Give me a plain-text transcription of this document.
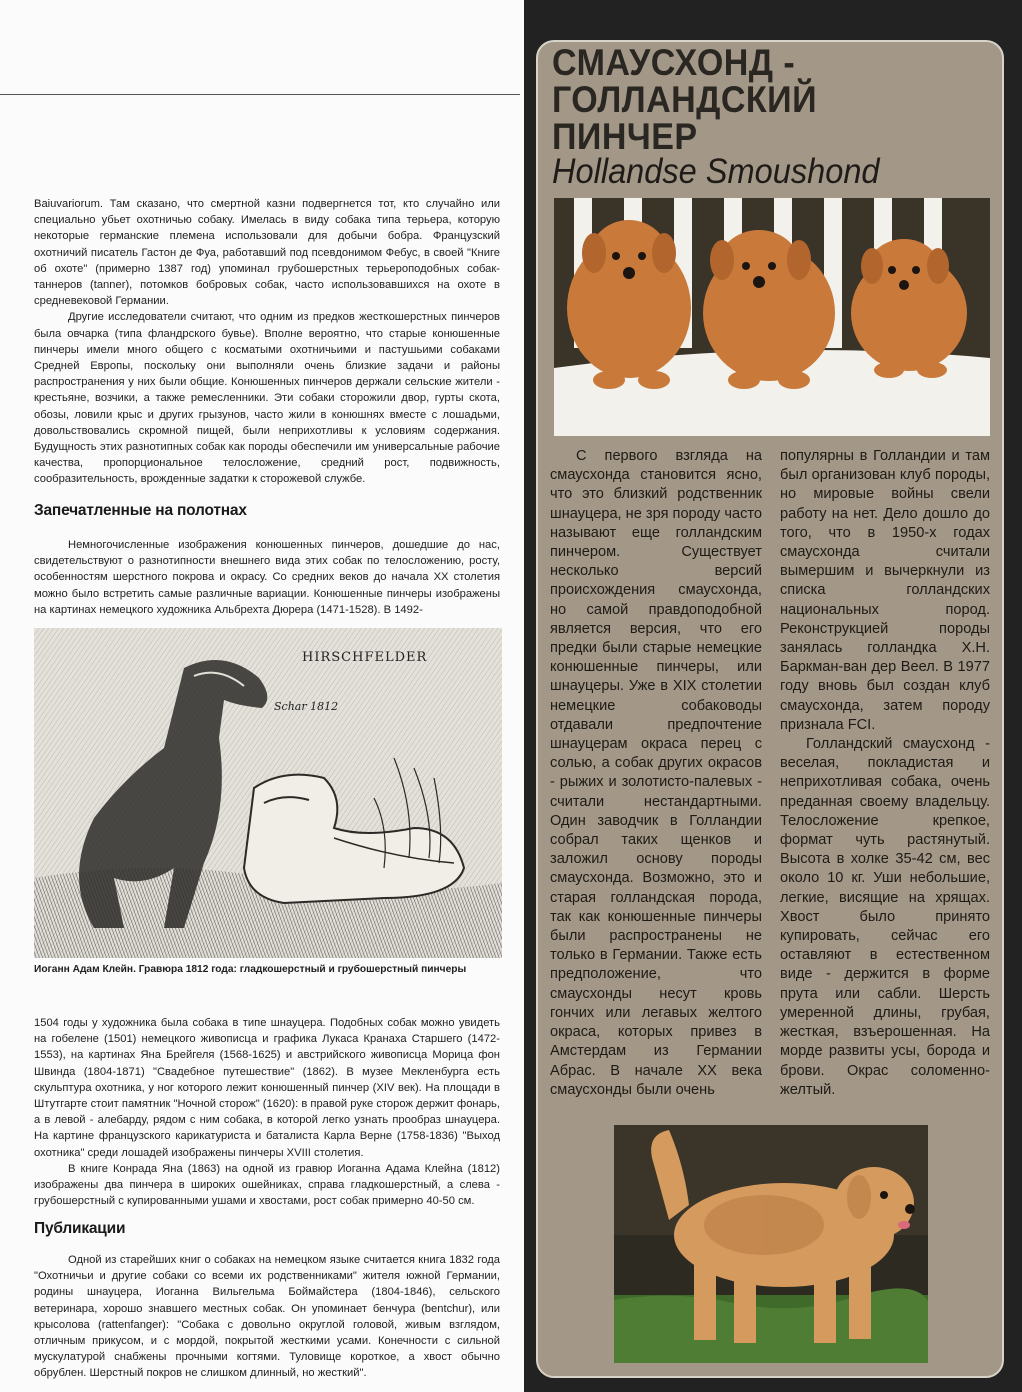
Baiuvariorum. Там сказано, что смертной казни подвергнется тот, кто случайно или специально убьет охотничью собаку. Имелась в виду собака типа терьера, которую некоторые германские племена использовали для добычи бобра. Французский охотничий писатель Гастон де Фуа, работавший под псевдонимом Фебус, в своей "Книге об охоте" (примерно 1387 год) упоминал грубошерстных терьероподобных собак-таннеров (tanner), потомков бобровых собак, часто использовавшихся на охоте в средневековой Германии.

Другие исследователи считают, что одним из предков жесткошерстных пинчеров была овчарка (типа фландрского бувье). Вполне вероятно, что старые конюшенные пинчеры имели много общего с косматыми охотничьими и пастушьими собаками Средней Европы, поскольку они выполняли очень близкие задачи и районы распространения у них были общие. Конюшенных пинчеров держали сельские жители - крестьяне, возчики, а также ремесленники. Эти собаки сторожили двор, гурты скота, обозы, ловили крыс и других грызунов, часто жили в конюшнях вместе с лошадьми, довольствовались скромной пищей, были неприхотливы к условиям содержания. Будущность этих разнотипных собак как породы обеспечили им универсальные рабочие качества, пропорциональное телосложение, средний рост, подвижность, сообразительность, врожденные задатки к сторожевой службе.

Запечатленные на полотнах

Немногочисленные изображения конюшенных пинчеров, дошедшие до нас, свидетельствуют о разнотипности внешнего вида этих собак по телосложению, росту, особенностям шерстного покрова и окрасу. Со средних веков до начала XX столетия можно было встретить самые различные вариации. Конюшенные пинчеры изображены на картинах немецкого художника Альбрехта Дюрера (1471-1528). В 1492-

HIRSCHFELDER
Schar 1812
Иоганн Адам Клейн. Гравюра 1812 года: гладкошерстный и грубошерстный пинчеры

1504 годы у художника была собака в типе шнауцера. Подобных собак можно увидеть на гобелене (1501) немецкого живописца и графика Лукаса Кранаха Старшего (1472-1553), на картинах Яна Брейгеля (1568-1625) и австрийского живописца Морица фон Швинда (1804-1871) "Свадебное путешествие" (1862). В музее Мекленбурга есть скульптура охотника, у ног которого лежит конюшенный пинчер (XIV век). На площади в Штутгарте стоит памятник "Ночной сторож" (1620): в правой руке сторож держит фонарь, а в левой - алебарду, рядом с ним собака, в которой легко узнать прообраз шнауцера. На картине французского карикатуриста и баталиста Карла Верне (1758-1836) "Выход охотника" среди лошадей изображены пинчеры XVIII столетия.

В книге Конрада Яна (1863) на одной из гравюр Иоганна Адама Клейна (1812) изображены два пинчера в широких ошейниках, справа гладкошерстный, а слева - грубошерстный с купированными ушами и хвостами, рост собак примерно 40-50 см.

Публикации

Одной из старейших книг о собаках на немецком языке считается книга 1832 года "Охотничьи и другие собаки со всеми их родственниками" жителя южной Германии, родины шнауцера, Иоганна Вильгельма Боймайстера (1804-1846), сельского ветеринара, хорошо знавшего местных собак. Он упоминает бенчура (bentchur), или крысолова (rattenfanger): "Собака с довольно округлой головой, живым взглядом, отличным прикусом, и с мордой, покрытой жесткими усами. Конечности с сильной мускулатурой снабжены прочными когтями. Туловище короткое, а хвост обычно обрублен. Шерстный покров не слишком длинный, но жесткий".

СМАУСХОНД -
ГОЛЛАНДСКИЙ
ПИНЧЕР
Hollandse Smoushond

С первого взгляда на смаусхонда становится ясно, что это близкий родственник шнауцера, не зря породу часто называют еще голландским пинчером. Существует несколько версий происхождения смаусхонда, но самой правдоподобной является версия, что его предки были старые немецкие конюшенные пинчеры, или шнауцеры. Уже в XIX столетии немецкие собаководы отдавали предпочтение шнауцерам окраса перец с солью, а собак других окрасов - рыжих и золотисто-палевых - считали нестандартными. Один заводчик в Голландии собрал таких щенков и заложил основу породы смаусхонда. Возможно, это и старая голландская порода, так как конюшенные пинчеры были распространены не только в Германии. Также есть предположение, что смаусхонды несут кровь гончих или легавых желтого окраса, которых привез в Амстердам из Германии Абрас. В начале XX века смаусхонды были очень

популярны в Голландии и там был организован клуб породы, но мировые войны свели работу на нет. Дело дошло до того, что в 1950-х годах смаусхонда считали вымершим и вычеркнули из списка голландских национальных пород. Реконструкцией породы занялась голландка Х.Н. Баркман-ван дер Веел. В 1977 году вновь был создан клуб смаусхонда, затем породу признала FCI.

Голландский смаусхонд - веселая, покладистая и неприхотливая собака, очень преданная своему владельцу. Телосложение крепкое, формат чуть растянутый. Высота в холке 35-42 см, вес около 10 кг. Уши небольшие, легкие, висящие на хрящах. Хвост было принято купировать, сейчас его оставляют в естественном виде - держится в форме прута или сабли. Шерсть умеренной длины, грубая, жесткая, взъерошенная. На морде развиты усы, борода и брови. Окрас соломенно-желтый.
